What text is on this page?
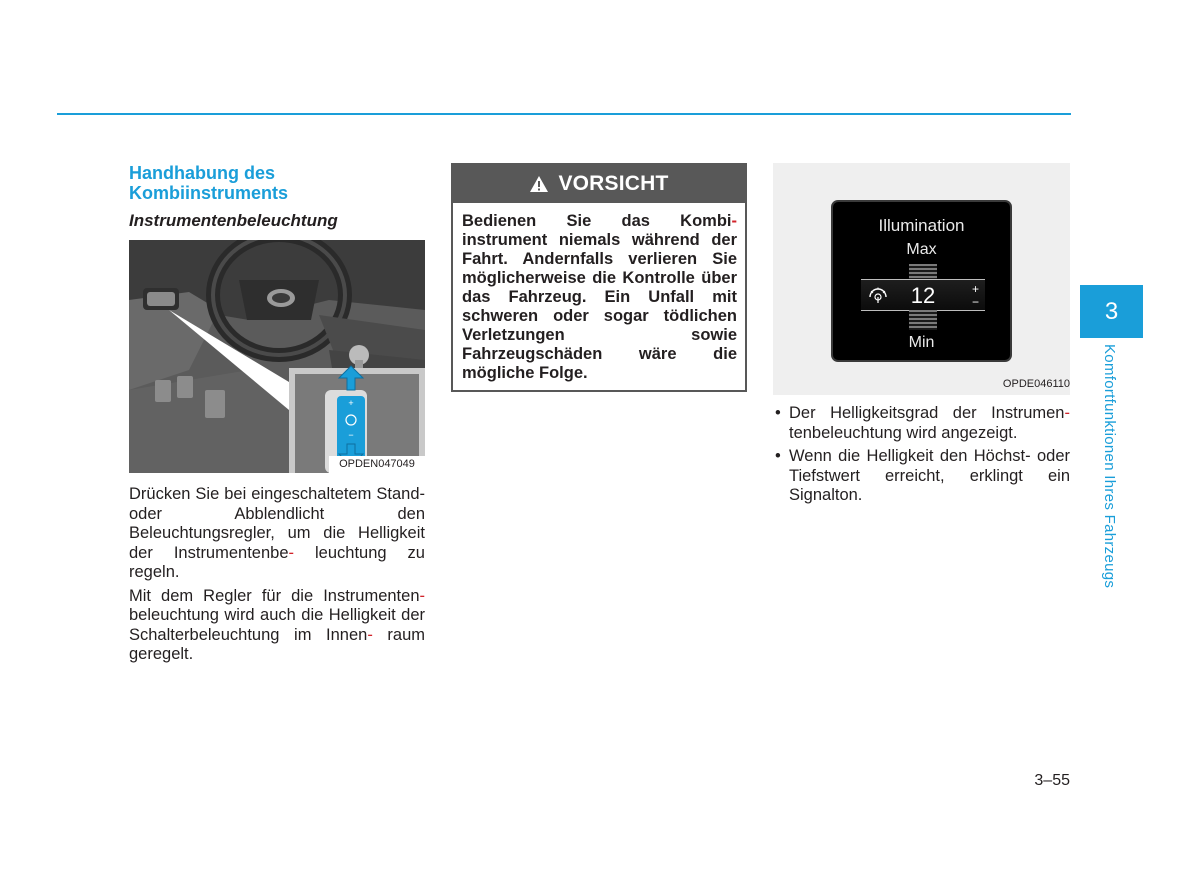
Handhabung des
Kombiinstruments
Instrumentenbeleuchtung
+
−
OPDEN047049

Drücken Sie bei eingeschaltetem Stand- oder Abblendlicht den Beleuchtungsregler, um die Helligkeit der Instrumentenbe- leuchtung zu regeln.

Mit dem Regler für die Instrumenten- beleuchtung wird auch die Helligkeit der Schalterbeleuchtung im Innen- raum geregelt.

VORSICHT
Bedienen Sie das Kombi- instrument niemals während der Fahrt. Andernfalls verlieren Sie möglicherweise die Kontrolle über das Fahrzeug. Ein Unfall mit schweren oder sogar tödlichen Verletzungen sowie Fahrzeugschäden wäre die mögliche Folge.
Illumination
Max
12	+
−
Min
OPDE046110
• Der Helligkeitsgrad der Instrumen- tenbeleuchtung wird angezeigt.
• Wenn die Helligkeit den Höchst- oder Tiefstwert erreicht, erklingt ein Signalton.
3
Komfortfunktionen Ihres Fahrzeugs
3–55
